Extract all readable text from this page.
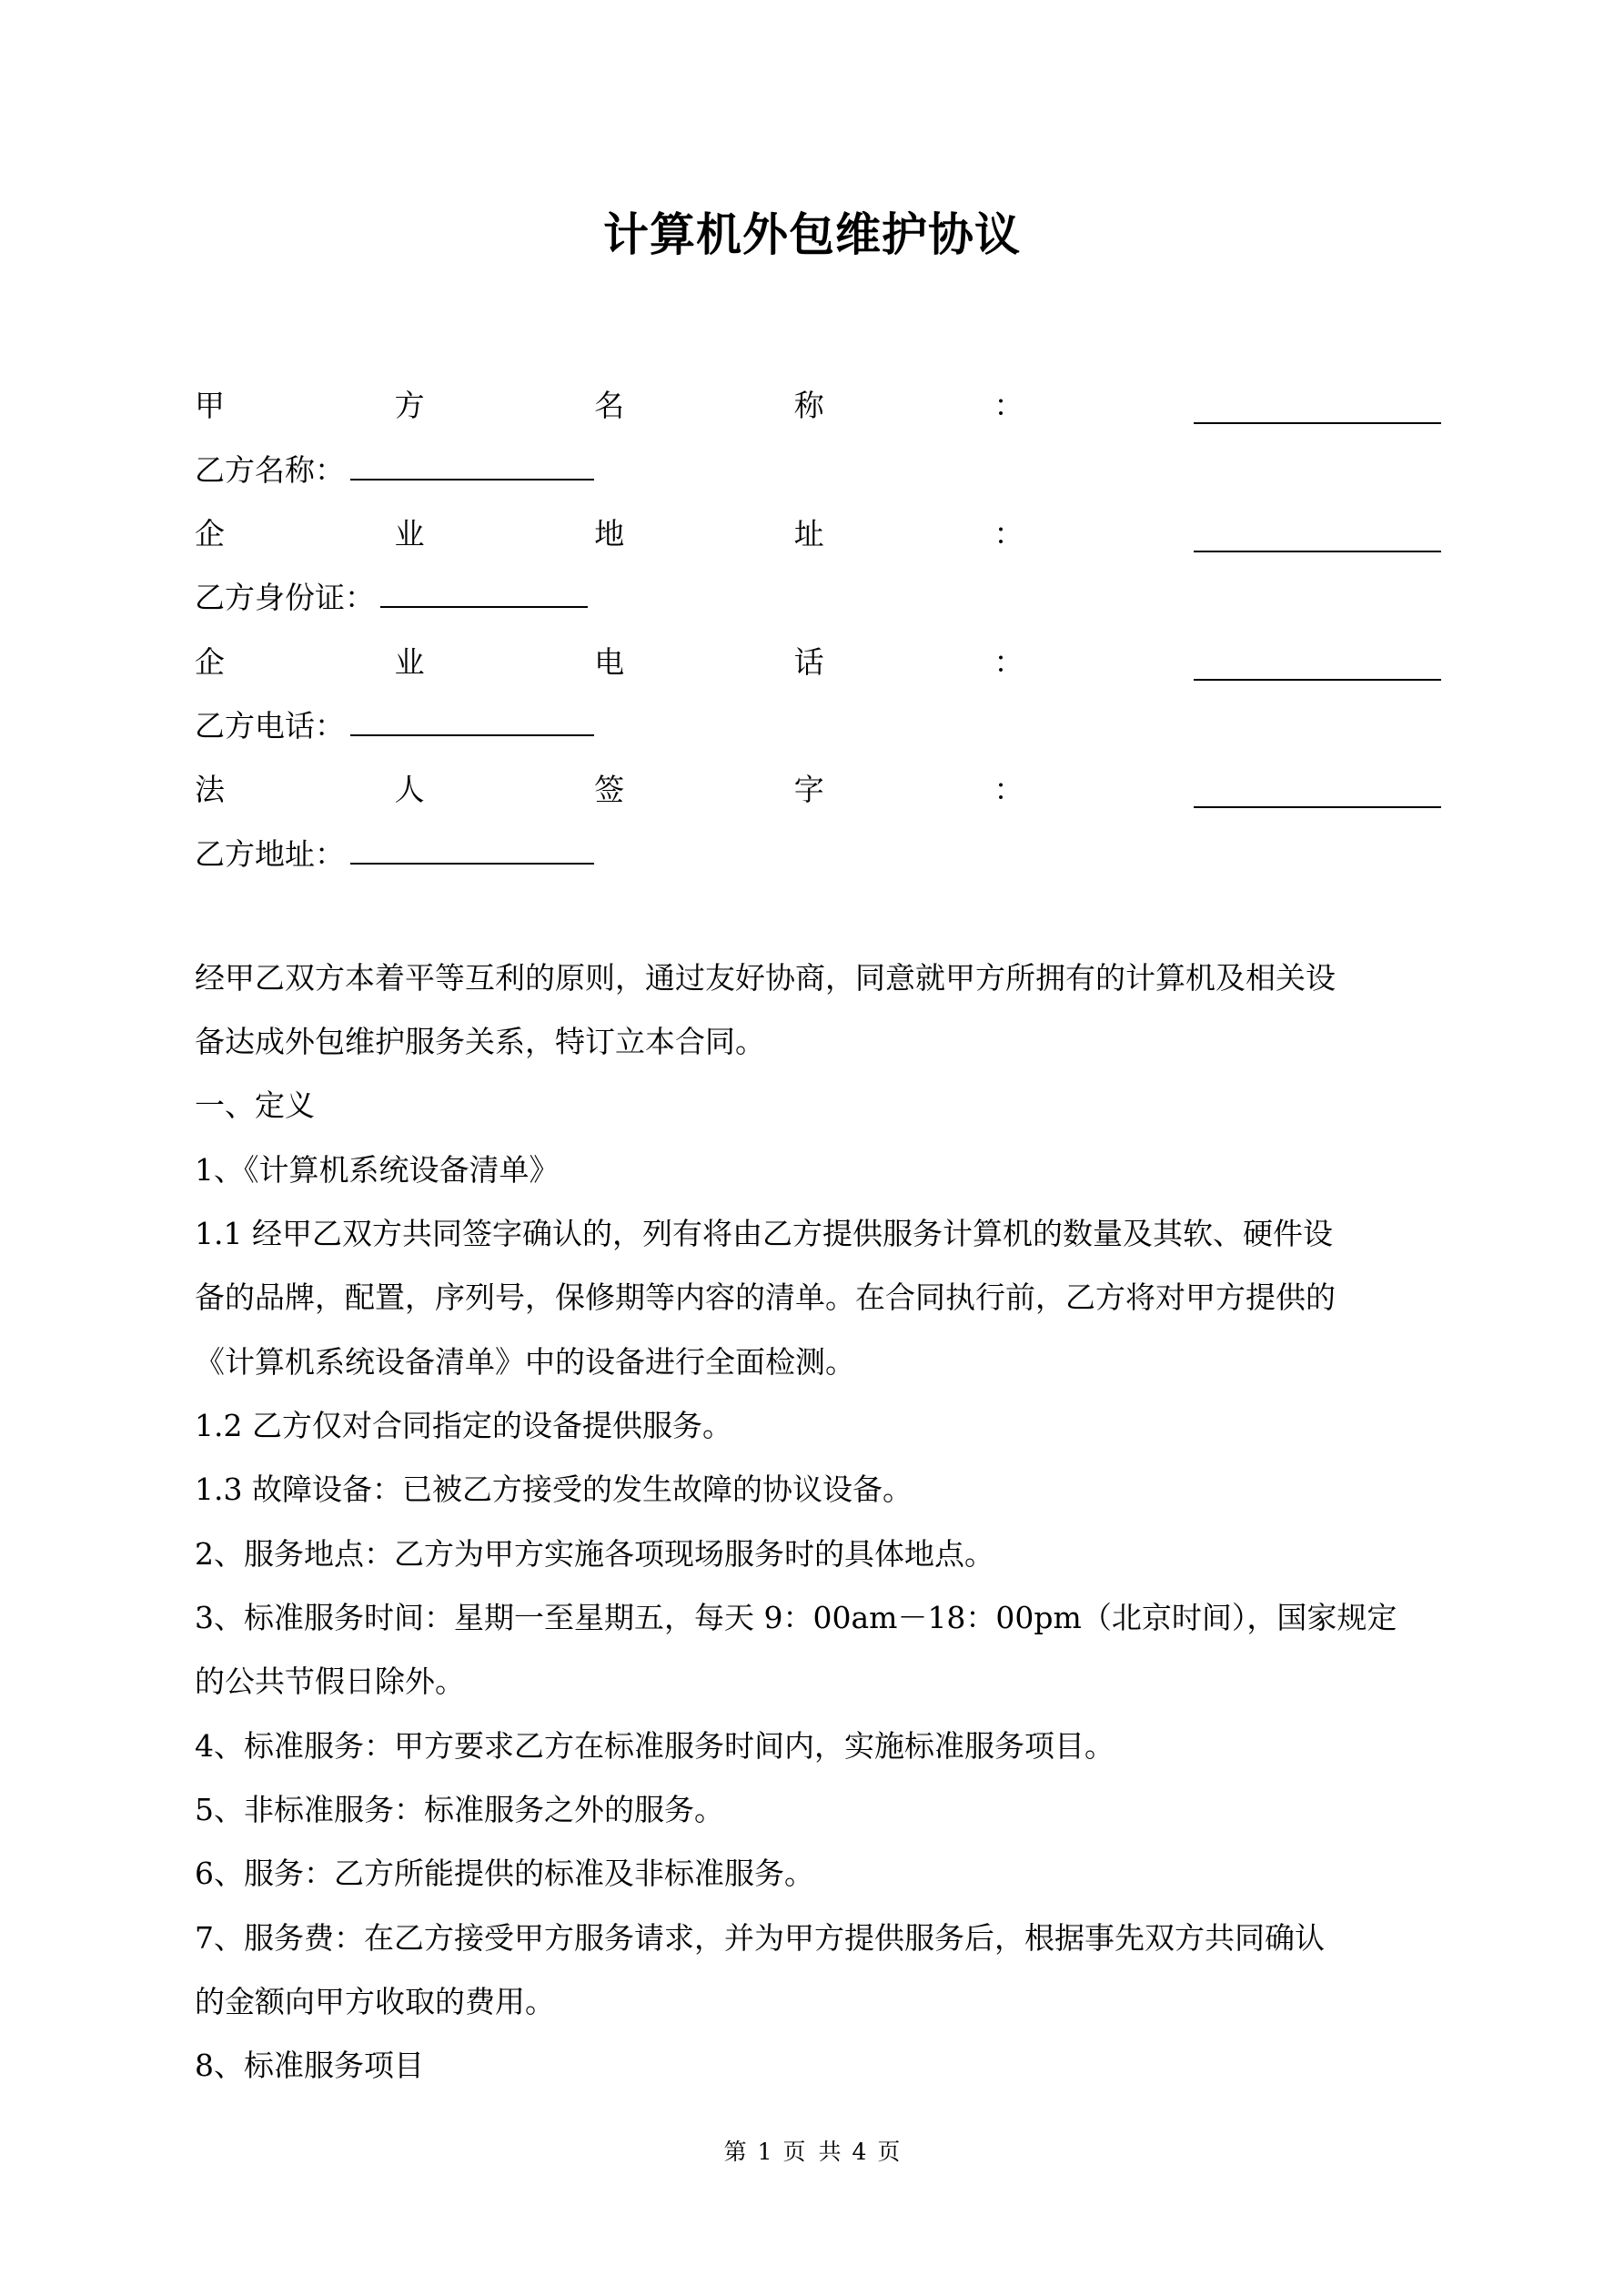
计算机外包维护协议
甲	方	名	称	：
乙方名称：
企	业	地	址	：
乙方身份证：
企	业	电	话	：
乙方电话：
法	人	签	字	：
乙方地址：
经甲乙双方本着平等互利的原则，通过友好协商，同意就甲方所拥有的计算机及相关设
备达成外包维护服务关系，特订立本合同。
一、定义
1、《计算机系统设备清单》
1.1 经甲乙双方共同签字确认的，列有将由乙方提供服务计算机的数量及其软、硬件设
备的品牌，配置，序列号，保修期等内容的清单。在合同执行前，乙方将对甲方提供的
《计算机系统设备清单》中的设备进行全面检测。
1.2 乙方仅对合同指定的设备提供服务。
1.3 故障设备：已被乙方接受的发生故障的协议设备。
2、服务地点：乙方为甲方实施各项现场服务时的具体地点。
3、标准服务时间：星期一至星期五，每天 9：00am－18：00pm（北京时间），国家规定
的公共节假日除外。
4、标准服务：甲方要求乙方在标准服务时间内，实施标准服务项目。
5、非标准服务：标准服务之外的服务。
6、服务：乙方所能提供的标准及非标准服务。
7、服务费：在乙方接受甲方服务请求，并为甲方提供服务后，根据事先双方共同确认
的金额向甲方收取的费用。
8、标准服务项目
第 1 页 共 4 页
